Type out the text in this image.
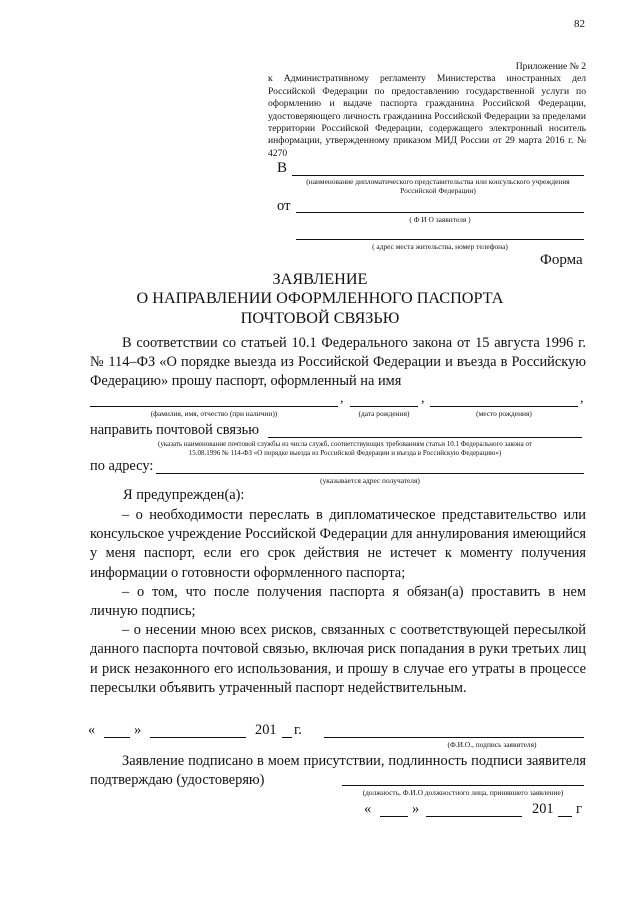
82
Приложение № 2
к Административному регламенту Министерства иностранных дел Российской Федерации по предоставлению государственной услуги по оформлению и выдаче паспорта гражданина Российской Федерации, удостоверяющего личность гражданина Российской Федерации за пределами территории Российской Федерации, содержащего электронный носитель информации, утвержденному приказом МИД России от 29 марта 2016 г. № 4270
В
(наименование дипломатического представительства или консульского учреждения
Российской Федерации)
от
( Ф И О заявителя )
( адрес места жительства, номер телефона)
Форма
ЗАЯВЛЕНИЕ
О НАПРАВЛЕНИИ ОФОРМЛЕННОГО ПАСПОРТА
ПОЧТОВОЙ СВЯЗЬЮ
В соответствии со статьей 10.1 Федерального закона от 15 августа 1996 г. № 114–ФЗ «О порядке выезда из Российской Федерации и въезда в Российскую Федерацию» прошу паспорт, оформленный на имя
,	,	,
(фамилия, имя, отчество (при наличии))	(дата рождения)	(место рождения)
направить почтовой связью
(указать наименование почтовой службы из числа служб, соответствующих требованиям статьи 10.1 Федерального закона от
15.08.1996 № 114-ФЗ «О порядке выезда из Российской Федерации и въезда в Российскую Федерацию»)
по адресу:
(указывается адрес получателя)
Я предупрежден(а):

– о необходимости переслать в дипломатическое представительство или консульское учреждение Российской Федерации для аннулирования имеющийся у меня паспорт, если его срок действия не истечет к моменту получения информации о готовности оформленного паспорта;

– о том, что после получения паспорта я обязан(а) проставить в нем личную подпись;

– о несении мною всех рисков, связанных с соответствующей пересылкой данного паспорта почтовой связью, включая риск попадания в руки третьих лиц и риск незаконного его использования, и прошу в случае его утраты в процессе пересылки объявить утраченный паспорт недействительным.

«	»	201 г.
(Ф.И.О., подпись заявителя)
Заявление подписано в моем присутствии, подлинность подписи заявителя подтверждаю (удостоверяю)
(должность, Ф.И.О должностного лица, принявшего заявление)
«	»	201 г
